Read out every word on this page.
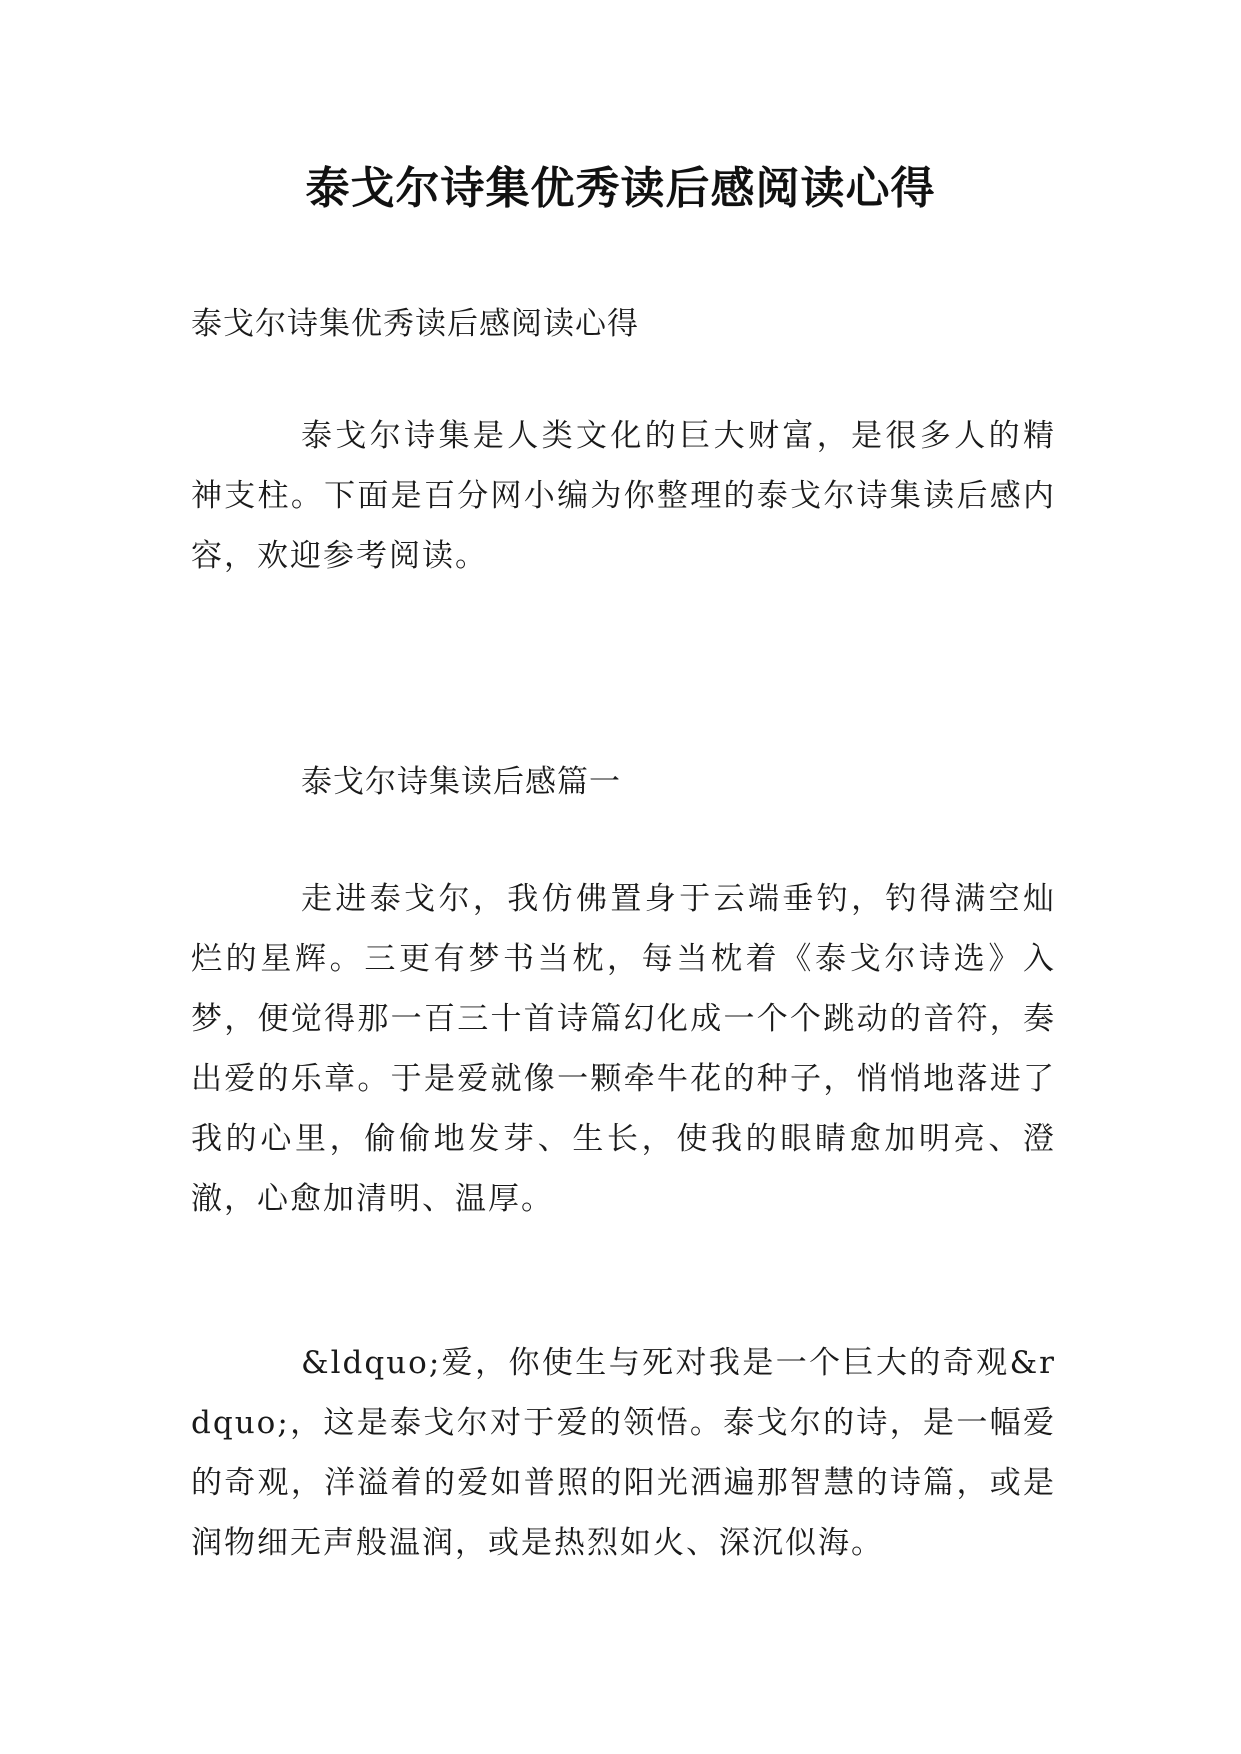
泰戈尔诗集优秀读后感阅读心得

泰戈尔诗集优秀读后感阅读心得

泰戈尔诗集是人类文化的巨大财富，是很多人的精神支柱。下面是百分网小编为你整理的泰戈尔诗集读后感内容，欢迎参考阅读。

泰戈尔诗集读后感篇一

走进泰戈尔，我仿佛置身于云端垂钓，钓得满空灿烂的星辉。三更有梦书当枕，每当枕着《泰戈尔诗选》入梦，便觉得那一百三十首诗篇幻化成一个个跳动的音符，奏出爱的乐章。于是爱就像一颗牵牛花的种子，悄悄地落进了我的心里，偷偷地发芽、生长，使我的眼睛愈加明亮、澄澈，心愈加清明、温厚。

&ldquo;爱，你使生与死对我是一个巨大的奇观&rdquo;，这是泰戈尔对于爱的领悟。泰戈尔的诗，是一幅爱的奇观，洋溢着的爱如普照的阳光洒遍那智慧的诗篇，或是润物细无声般温润，或是热烈如火、深沉似海。
